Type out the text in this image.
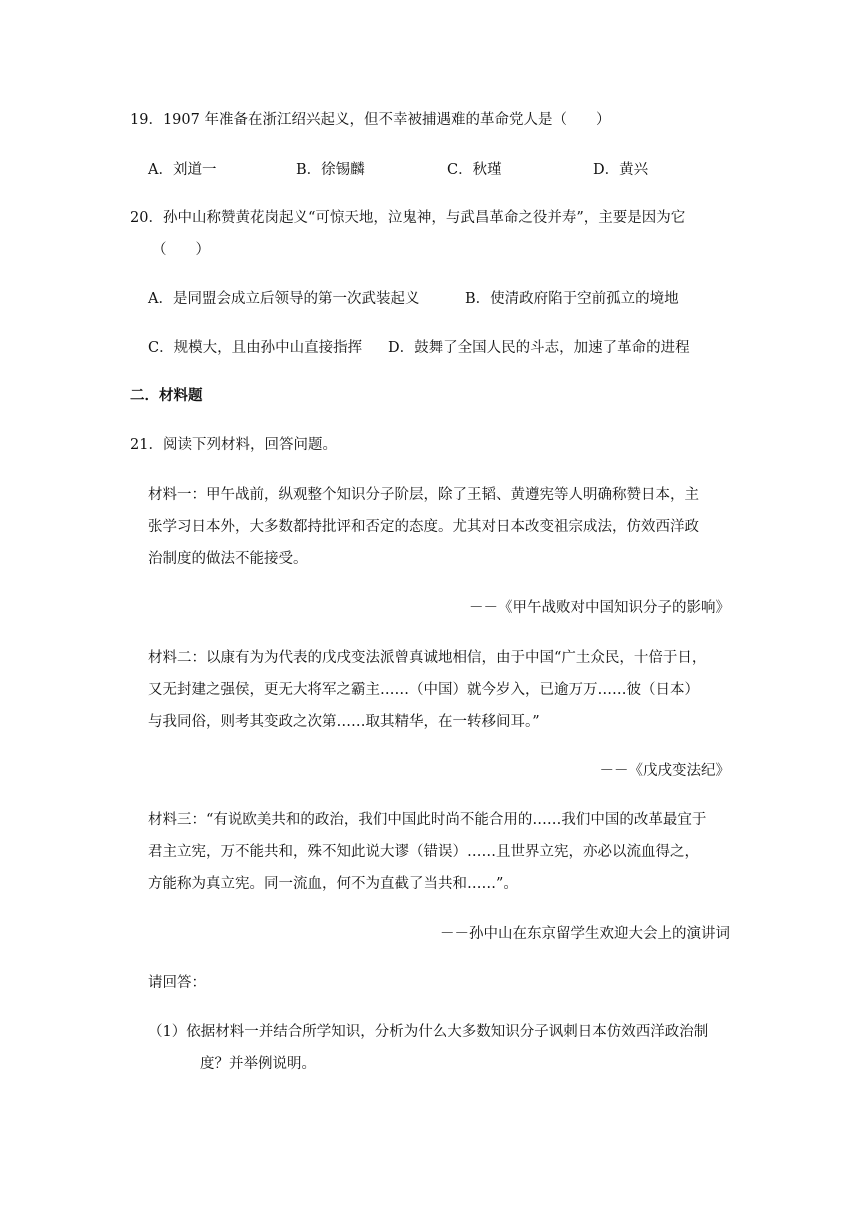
19．1907 年准备在浙江绍兴起义，但不幸被捕遇难的革命党人是（　　）
A．刘道一	B．徐锡麟	C．秋瑾	D．黄兴
20．孙中山称赞黄花岗起义“可惊天地，泣鬼神，与武昌革命之役并寿”，主要是因为它
（　　）
A．是同盟会成立后领导的第一次武装起义	B．使清政府陷于空前孤立的境地
C．规模大，且由孙中山直接指挥 D．鼓舞了全国人民的斗志，加速了革命的进程
二．材料题
21．阅读下列材料，回答问题。
材料一：甲午战前，纵观整个知识分子阶层，除了王韬、黄遵宪等人明确称赞日本，主
张学习日本外，大多数都持批评和否定的态度。尤其对日本改变祖宗成法，仿效西洋政
治制度的做法不能接受。
－－《甲午战败对中国知识分子的影响》
材料二：以康有为为代表的戊戌变法派曾真诚地相信，由于中国“广土众民，十倍于日，
又无封建之强侯，更无大将军之霸主……（中国）就今岁入，已逾万万……彼（日本）
与我同俗，则考其变政之次第……取其精华，在一转移间耳。”
－－《戊戌变法纪》
材料三：“有说欧美共和的政治，我们中国此时尚不能合用的……我们中国的改革最宜于
君主立宪，万不能共和，殊不知此说大谬（错误）……且世界立宪，亦必以流血得之，
方能称为真立宪。同一流血，何不为直截了当共和……”。
－－孙中山在东京留学生欢迎大会上的演讲词
请回答：
（1）依据材料一并结合所学知识，分析为什么大多数知识分子讽刺日本仿效西洋政治制
度？并举例说明。
